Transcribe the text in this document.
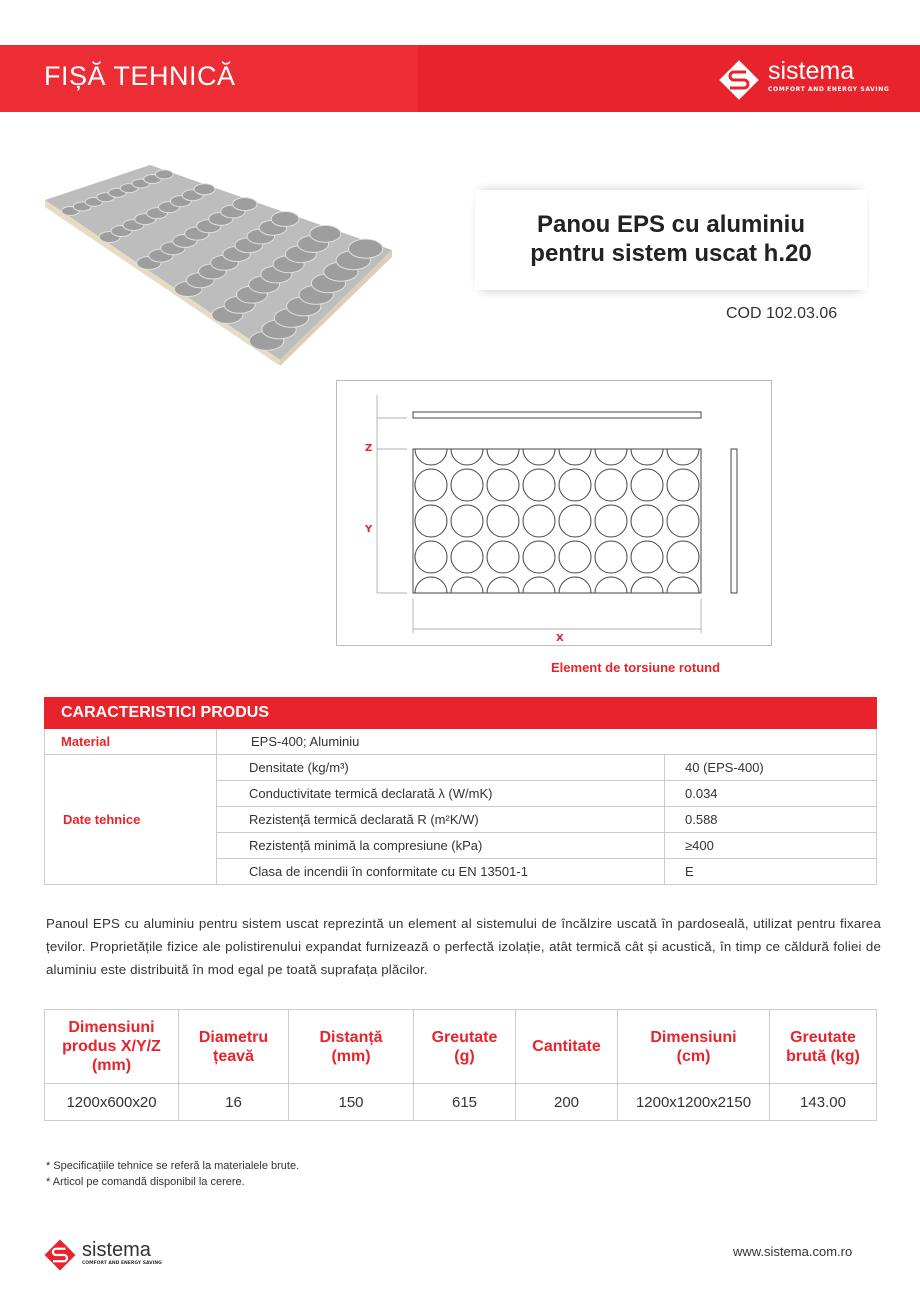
FIȘĂ TEHNICĂ	sistema
COMFORT AND ENERGY SAVING
Panou EPS cu aluminiu
pentru sistem uscat h.20
COD 102.03.06
Z
Y
X
Element de torsiune rotund
CARACTERISTICI PRODUS		
Material	EPS-400; Aluminiu	
Date tehnice	Densitate (kg/m³)	40 (EPS-400)
	Conductivitate termică declarată λ (W/mK)	0.034
	Rezistență termică declarată R (m²K/W)	0.588
	Rezistență minimă la compresiune (kPa)	≥400
	Clasa de incendii în conformitate cu EN 13501-1	E

Panoul EPS cu aluminiu pentru sistem uscat reprezintă un element al sistemului de încălzire uscată în pardoseală, utilizat pentru fixarea țevilor. Proprietățile fizice ale polistirenului expandat furnizează o perfectă izolație, atât termică cât și acustică, în timp ce căldură foliei de aluminiu este distribuită în mod egal pe toată suprafața plăcilor.

Dimensiuni produs X/Y/Z (mm)	Diametru țeavă	Distanță (mm)	Greutate (g)	Cantitate	Dimensiuni (cm)	Greutate brută (kg)
1200x600x20	16	150	615	200	1200x1200x2150	143.00
* Specificațiile tehnice se referă la materialele brute.
* Articol pe comandă disponibil la cerere.
sistema
COMFORT AND ENERGY SAVING
www.sistema.com.ro
